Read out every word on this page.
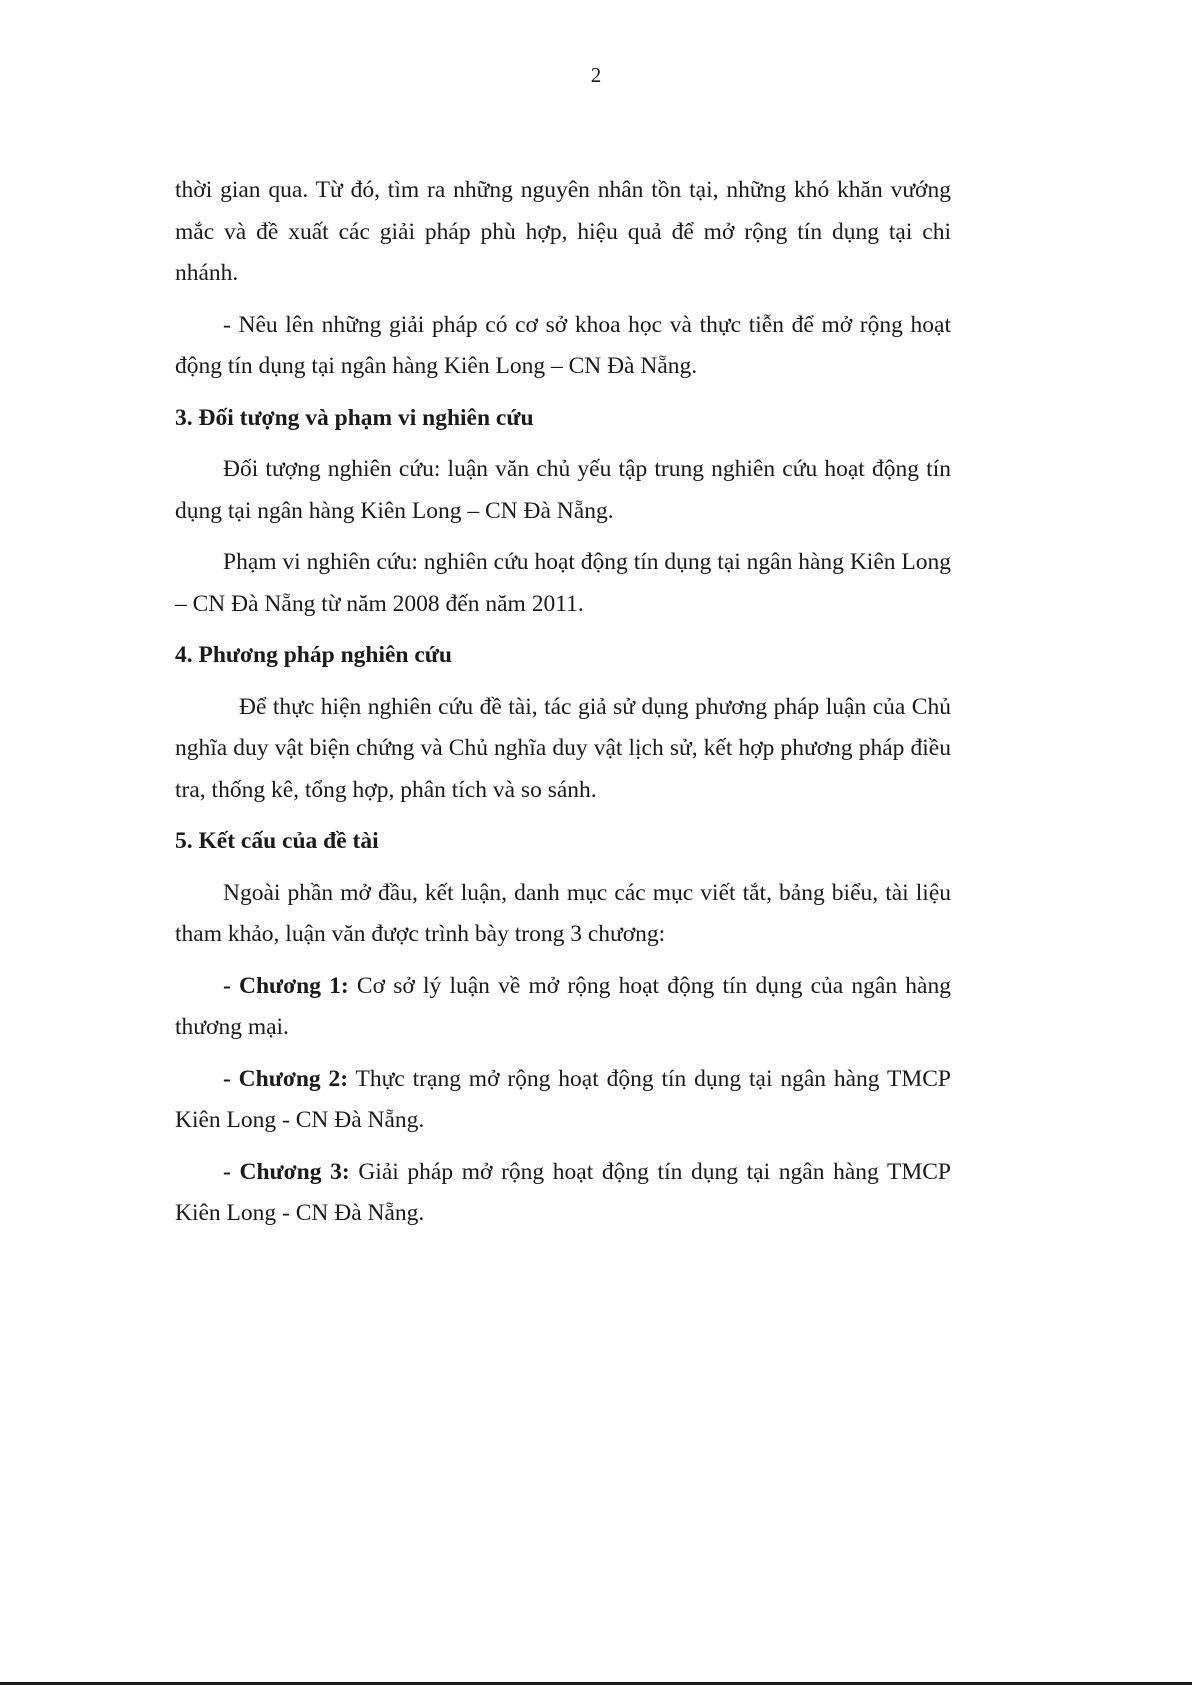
2

thời gian qua. Từ đó, tìm ra những nguyên nhân tồn tại, những khó khăn vướng mắc và đề xuất các giải pháp phù hợp, hiệu quả để mở rộng tín dụng tại chi nhánh.

- Nêu lên những giải pháp có cơ sở khoa học và thực tiễn để mở rộng hoạt động tín dụng tại ngân hàng Kiên Long – CN Đà Nẵng.

3. Đối tượng và phạm vi nghiên cứu

Đối tượng nghiên cứu: luận văn chủ yếu tập trung nghiên cứu hoạt động tín dụng tại ngân hàng Kiên Long – CN Đà Nẵng.

Phạm vi nghiên cứu: nghiên cứu hoạt động tín dụng tại ngân hàng Kiên Long – CN Đà Nẵng từ năm 2008 đến năm 2011.

4. Phương pháp nghiên cứu

Để thực hiện nghiên cứu đề tài, tác giả sử dụng phương pháp luận của Chủ nghĩa duy vật biện chứng và Chủ nghĩa duy vật lịch sử, kết hợp phương pháp điều tra, thống kê, tổng hợp, phân tích và so sánh.

5. Kết cấu của đề tài

Ngoài phần mở đầu, kết luận, danh mục các mục viết tắt, bảng biểu, tài liệu tham khảo, luận văn được trình bày trong 3 chương:

- Chương 1: Cơ sở lý luận về mở rộng hoạt động tín dụng của ngân hàng thương mại.

- Chương 2: Thực trạng mở rộng hoạt động tín dụng tại ngân hàng TMCP Kiên Long - CN Đà Nẵng.

- Chương 3: Giải pháp mở rộng hoạt động tín dụng tại ngân hàng TMCP Kiên Long - CN Đà Nẵng.
